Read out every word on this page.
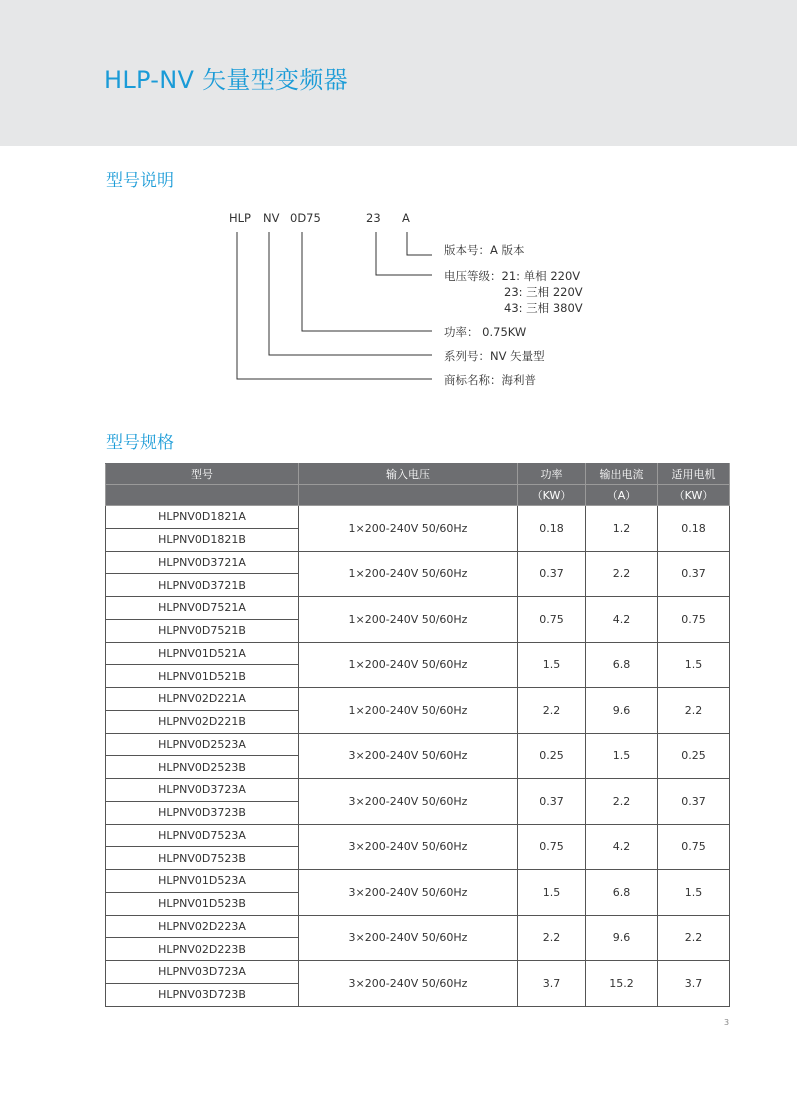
HLP-NV 矢量型变频器
型号说明
HLP NV 0D75	23 A
版本号：A 版本
电压等级：21: 单相 220V
23: 三相 220V
43: 三相 380V
功率： 0.75KW
系列号：NV 矢量型
商标名称：海利普
型号规格
型号	输入电压	功率	输出电流	适用电机
		（KW）	（A）	（KW）
HLPNV0D1821A	1×200-240V 50/60Hz	0.18	1.2	0.18
HLPNV0D1821B				
HLPNV0D3721A	1×200-240V 50/60Hz	0.37	2.2	0.37
HLPNV0D3721B				
HLPNV0D7521A	1×200-240V 50/60Hz	0.75	4.2	0.75
HLPNV0D7521B				
HLPNV01D521A	1×200-240V 50/60Hz	1.5	6.8	1.5
HLPNV01D521B				
HLPNV02D221A	1×200-240V 50/60Hz	2.2	9.6	2.2
HLPNV02D221B				
HLPNV0D2523A	3×200-240V 50/60Hz	0.25	1.5	0.25
HLPNV0D2523B				
HLPNV0D3723A	3×200-240V 50/60Hz	0.37	2.2	0.37
HLPNV0D3723B				
HLPNV0D7523A	3×200-240V 50/60Hz	0.75	4.2	0.75
HLPNV0D7523B				
HLPNV01D523A	3×200-240V 50/60Hz	1.5	6.8	1.5
HLPNV01D523B				
HLPNV02D223A	3×200-240V 50/60Hz	2.2	9.6	2.2
HLPNV02D223B				
HLPNV03D723A	3×200-240V 50/60Hz	3.7	15.2	3.7
HLPNV03D723B				
3
